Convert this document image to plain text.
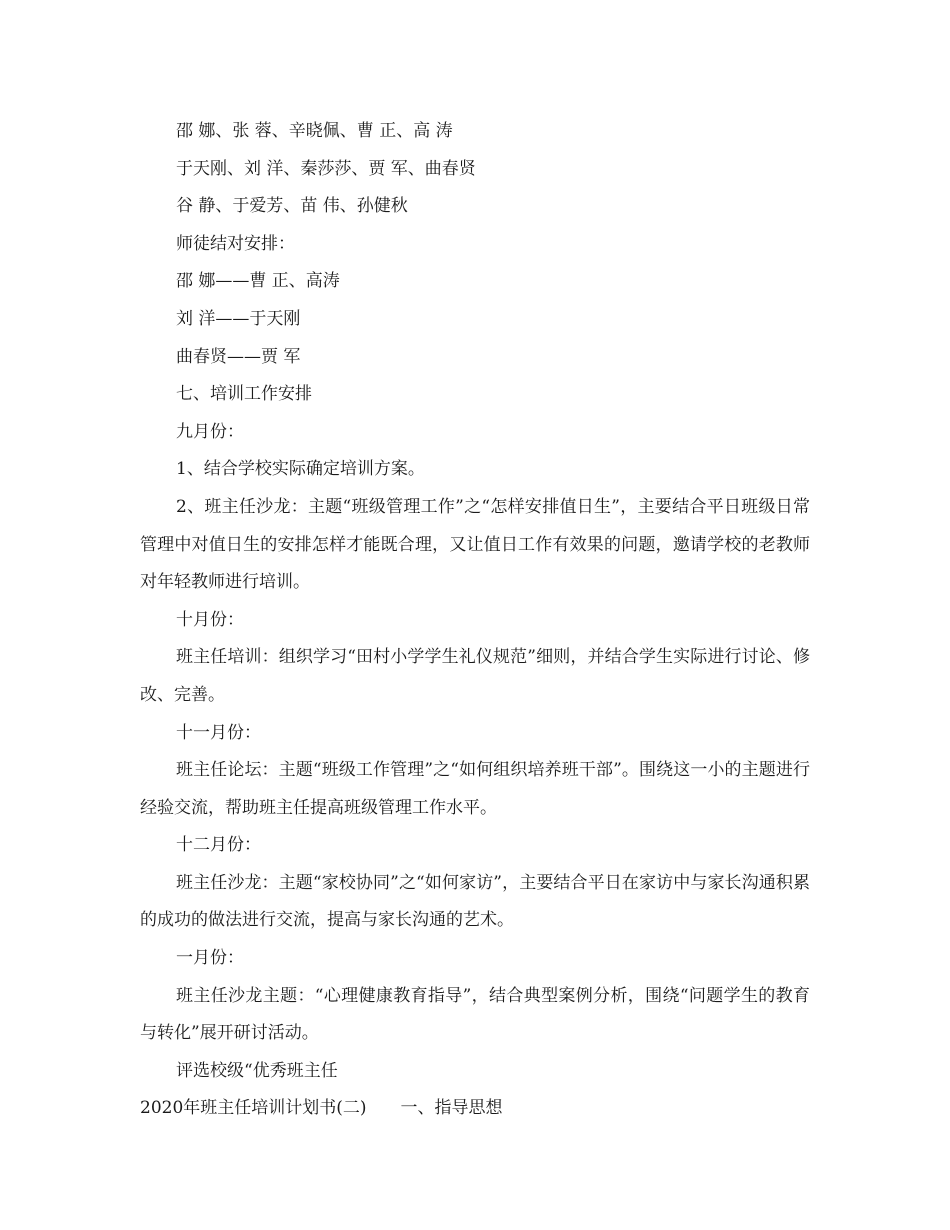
邵 娜、张 蓉、辛晓佩、曹 正、高 涛
于天刚、刘 洋、秦莎莎、贾 军、曲春贤
谷 静、于爱芳、苗 伟、孙健秋
师徒结对安排：
邵 娜——曹 正、高涛
刘 洋——于天刚
曲春贤——贾 军
七、培训工作安排
九月份：
1、结合学校实际确定培训方案。

2、班主任沙龙：主题“班级管理工作”之“怎样安排值日生”，主要结合平日班级日常管理中对值日生的安排怎样才能既合理，又让值日工作有效果的问题，邀请学校的老教师对年轻教师进行培训。

十月份：

班主任培训：组织学习“田村小学学生礼仪规范”细则，并结合学生实际进行讨论、修改、完善。

十一月份：

班主任论坛：主题“班级工作管理”之“如何组织培养班干部”。围绕这一小的主题进行经验交流，帮助班主任提高班级管理工作水平。

十二月份：

班主任沙龙：主题“家校协同”之“如何家访”，主要结合平日在家访中与家长沟通积累的成功的做法进行交流，提高与家长沟通的艺术。

一月份：

班主任沙龙主题：“心理健康教育指导”，结合典型案例分析，围绕“问题学生的教育与转化”展开研讨活动。

评选校级“优秀班主任
2020年班主任培训计划书(二)　　一、指导思想
